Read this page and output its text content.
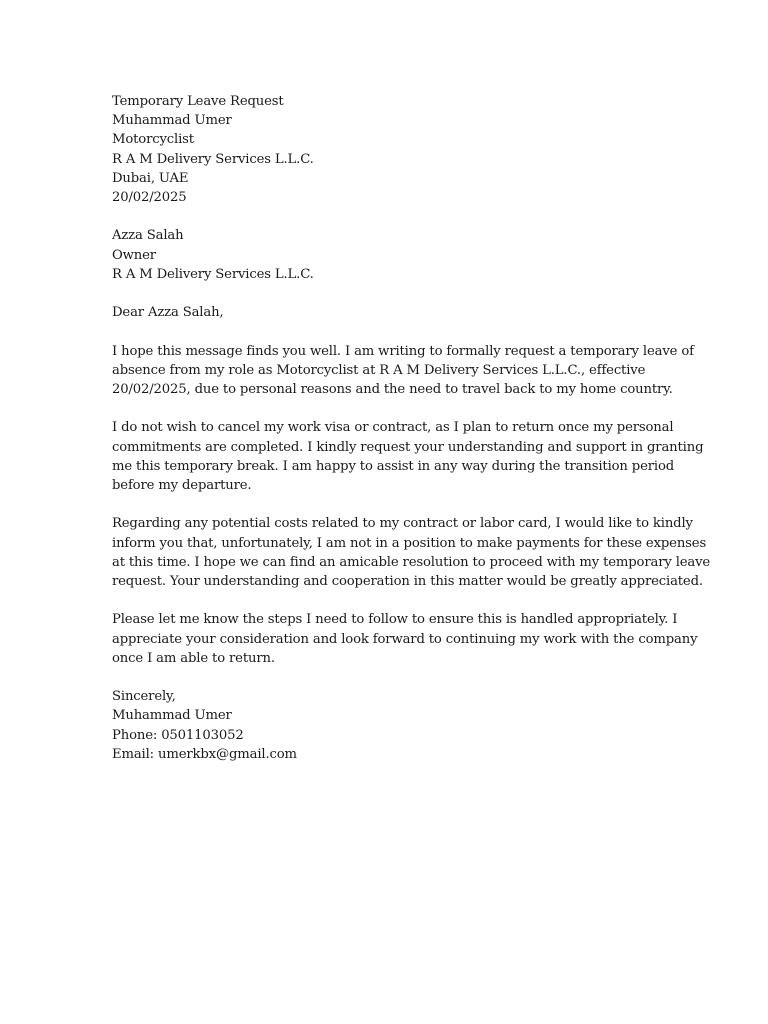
Temporary Leave Request
Muhammad Umer
Motorcyclist
R A M Delivery Services L.L.C.
Dubai, UAE
20/02/2025
Azza Salah
Owner
R A M Delivery Services L.L.C.
Dear Azza Salah,
I hope this message finds you well. I am writing to formally request a temporary leave of
absence from my role as Motorcyclist at R A M Delivery Services L.L.C., effective
20/02/2025, due to personal reasons and the need to travel back to my home country.
I do not wish to cancel my work visa or contract, as I plan to return once my personal
commitments are completed. I kindly request your understanding and support in granting
me this temporary break. I am happy to assist in any way during the transition period
before my departure.
Regarding any potential costs related to my contract or labor card, I would like to kindly
inform you that, unfortunately, I am not in a position to make payments for these expenses
at this time. I hope we can find an amicable resolution to proceed with my temporary leave
request. Your understanding and cooperation in this matter would be greatly appreciated.
Please let me know the steps I need to follow to ensure this is handled appropriately. I
appreciate your consideration and look forward to continuing my work with the company
once I am able to return.
Sincerely,
Muhammad Umer
Phone: 0501103052
Email: umerkbx@gmail.com
